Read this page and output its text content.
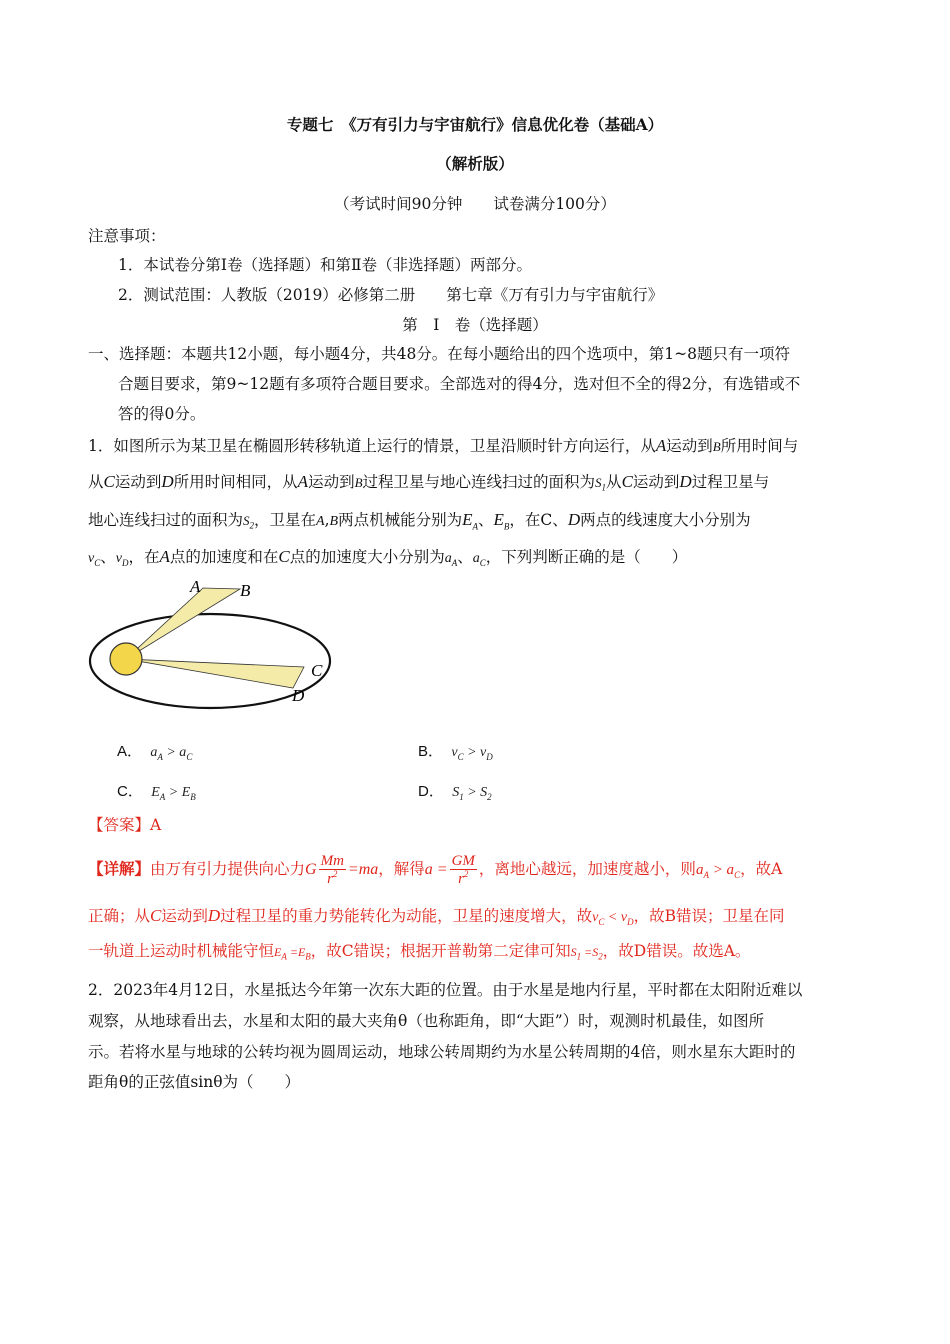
专题七　《万有引力与宇宙航行》信息优化卷（基础A）
（解析版）
（考试时间90分钟　　试卷满分100分）
注意事项：
1．本试卷分第Ⅰ卷（选择题）和第Ⅱ卷（非选择题）两部分。
2．测试范围：人教版（2019）必修第二册　　第七章《万有引力与宇宙航行》
第　Ⅰ　卷（选择题）
一、选择题：本题共12小题，每小题4分，共48分。在每小题给出的四个选项中，第1~8题只有一项符
合题目要求，第9~12题有多项符合题目要求。全部选对的得4分，选对但不全的得2分，有选错或不
答的得0分。
1．如图所示为某卫星在椭圆形转移轨道上运行的情景，卫星沿顺时针方向运行，从A运动到B所用时间与
从C运动到D所用时间相同，从A运动到B过程卫星与地心连线扫过的面积为$S_1$从C运动到D过程卫星与
地心连线扫过的面积为$S_2$，卫星在A,B两点机械能分别为$E_A$、$E_B$，在C、D两点的线速度大小分别为
$v_C$、$v_D$，在A点的加速度和在C点的加速度大小分别为$a_A$、$a_C$，下列判断正确的是（　　）
A B
C
D
A． $a_A > a_C$	B． $v_C > v_D$
C． $E_A > E_B$	D． $S_1 > S_2$
【答案】A
【详解】由万有引力提供向心力G $\frac{Mm}{r^2} =ma$，解得$a = \frac{GM}{r^2}$ ，离地心越远，加速度越小，则$a_A > a_C$，故A
正确；从C运动到D过程卫星的重力势能转化为动能，卫星的速度增大，故$v_C < v_D$，故B错误；卫星在同
一轨道上运动时机械能守恒$E_A =E_B$，故C错误；根据开普勒第二定律可知$S_1 =S_2$，故D错误。故选A。
2．2023年4月12日，水星抵达今年第一次东大距的位置。由于水星是地内行星，平时都在太阳附近难以
观察，从地球看出去，水星和太阳的最大夹角θ（也称距角，即“大距”）时，观测时机最佳，如图所
示。若将水星与地球的公转均视为圆周运动，地球公转周期约为水星公转周期的4倍，则水星东大距时的
距角θ的正弦值sinθ为（　　）
